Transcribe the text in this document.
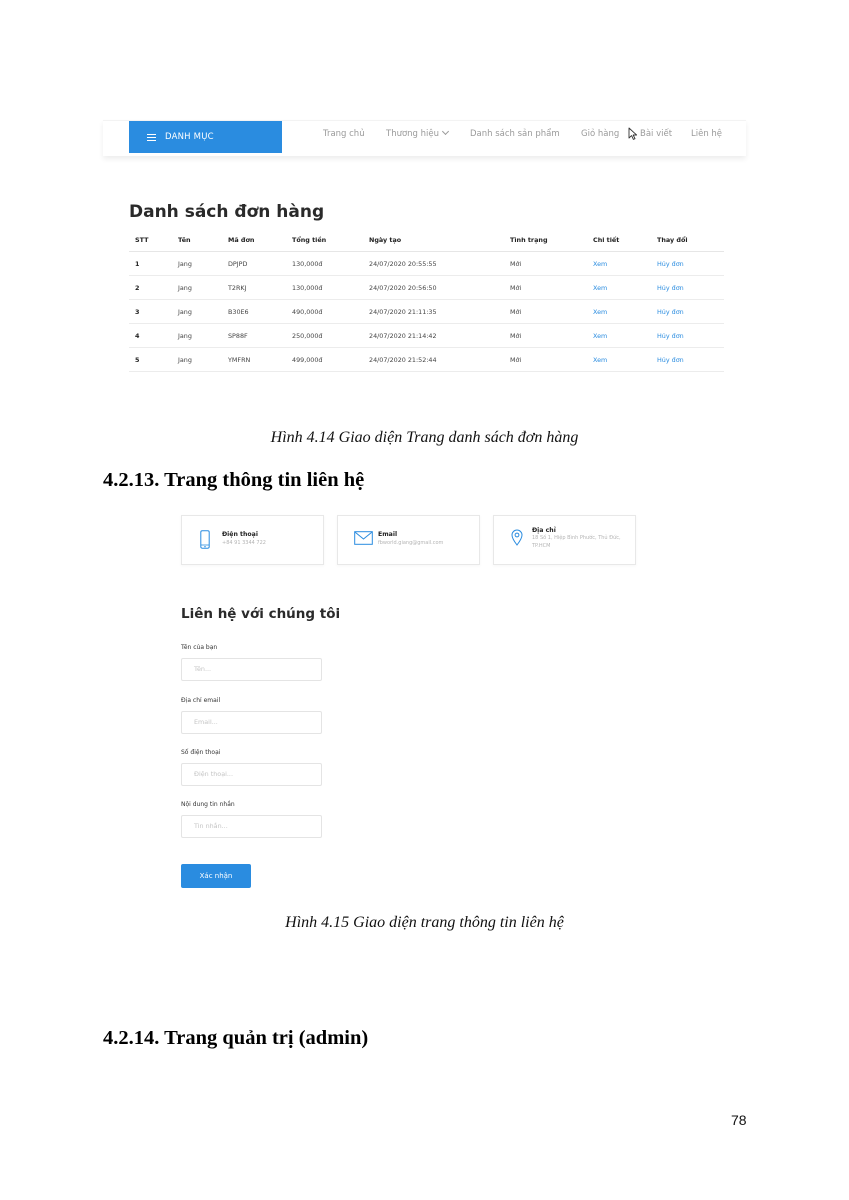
DANH MỤC	Trang chủ	Thương hiệu	Danh sách sản phẩm	Giỏ hàng Bài viết Liên hệ
Danh sách đơn hàng
STT	Tên	Mã đơn	Tổng tiền	Ngày tạo	Tình trạng	Chi tiết	Thay đổi
1	Jang	DPJPD	130,000đ	24/07/2020 20:55:55	Mới	Xem	Hủy đơn
2	Jang	T2RKJ	130,000đ	24/07/2020 20:56:50	Mới	Xem	Hủy đơn
3	Jang	B30E6	490,000đ	24/07/2020 21:11:35	Mới	Xem	Hủy đơn
4	Jang	SP88F	250,000đ	24/07/2020 21:14:42	Mới	Xem	Hủy đơn
5	Jang	YMFRN	499,000đ	24/07/2020 21:52:44	Mới	Xem	Hủy đơn
Hình 4.14 Giao diện Trang danh sách đơn hàng
4.2.13. Trang thông tin liên hệ
Điện thoại
+84 91 3344 722
Email
fbworld.giang@gmail.com
Địa chỉ
18 Số 1, Hiệp Bình Phước, Thủ Đức, TP.HCM
Liên hệ với chúng tôi
Tên của bạn
Tên...
Địa chỉ email
Email...
Số điện thoại
Điện thoại...
Nội dung tin nhắn
Tin nhắn...
Xác nhận
Hình 4.15 Giao diện trang thông tin liên hệ
4.2.14. Trang quản trị (admin)
78
